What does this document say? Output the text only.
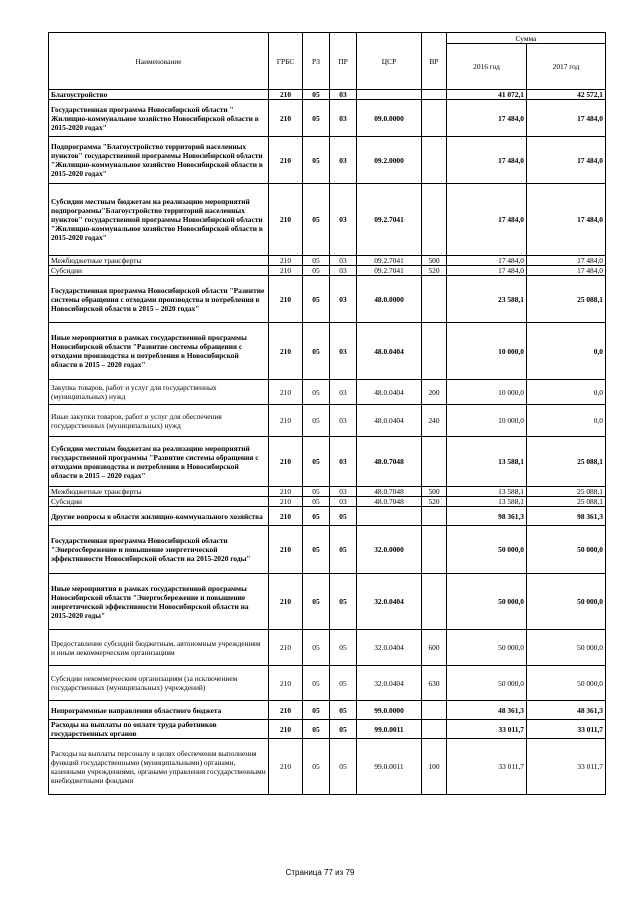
Наименование	ГРБС	РЗ	ПР	ЦСР	ВР	Сумма	
						2016 год	2017 год
Благоустройство	210	05	03			41 072,1	42 572,1
Государственная программа Новосибирской области " Жилищно-коммунальное хозяйство Новосибирской области в 2015-2020 годах"	210	05	03	09.0.0000		17 484,0	17 484,0
Подпрограмма "Благоустройство территорий населенных пунктов" государственной программы Новосибирской области "Жилищно-коммунальное хозяйство Новосибирской области в 2015-2020 годах"	210	05	03	09.2.0000		17 484,0	17 484,0
Субсидии местным бюджетам на реализацию мероприятий подпрограммы"Благоустройство территорий населенных пунктов" государственной программы Новосибирской области "Жилищно-коммунальное хозяйство Новосибирской области в 2015-2020 годах"	210	05	03	09.2.7041		17 484,0	17 484,0
Межбюджетные трансферты	210	05	03	09.2.7041	500	17 484,0	17 484,0
Субсидии	210	05	03	09.2.7041	520	17 484,0	17 484,0
Государственная программа Новосибирской области "Развитие системы обращения с отходами производства и потребления в Новосибирской области в 2015 – 2020 годах"	210	05	03	48.0.0000		23 588,1	25 088,1
Иные мероприятия в рамках государственной программы Новосибирской области "Развитие системы обращения с отходами производства и потребления в Новосибирской области в 2015 – 2020 годах"	210	05	03	48.0.0404		10 000,0	0,0
Закупка товаров, работ и услуг для государственных (муниципальных) нужд	210	05	03	48.0.0404	200	10 000,0	0,0
Иные закупки товаров, работ и услуг для обеспечения государственных (муниципальных) нужд	210	05	03	48.0.0404	240	10 000,0	0,0
Субсидии местным бюджетам на реализацию мероприятий государственной программы "Развитие системы обращения с отходами производства и потребления в Новосибирской области в 2015 – 2020 годах"	210	05	03	48.0.7048		13 588,1	25 088,1
Межбюджетные трансферты	210	05	03	48.0.7048	500	13 588,1	25 088,1
Субсидии	210	05	03	48.0.7048	520	13 588,1	25 088,1
Другие вопросы в области жилищно-коммунального хозяйства	210	05	05			98 361,3	98 361,3
Государственная программа Новосибирской области "Энергосбережение и повышение энергетической эффективности Новосибирской области на 2015-2020 годы"	210	05	05	32.0.0000		50 000,0	50 000,0
Иные мероприятия в рамках государственной программы Новосибирской области "Энергосбережение и повышение энергетической эффективности Новосибирской области на 2015-2020 годы"	210	05	05	32.0.0404		50 000,0	50 000,0
Предоставление субсидий бюджетным, автономным учреждениям и иным некоммерческим организациям	210	05	05	32.0.0404	600	50 000,0	50 000,0
Субсидии некоммерческим организациям (за исключением государственных (муниципальных) учреждений)	210	05	05	32.0.0404	630	50 000,0	50 000,0
Непрограммные направления областного бюджета	210	05	05	99.0.0000		48 361,3	48 361,3
Расходы на выплаты по оплате труда работников государственных органов	210	05	05	99.0.0011		33 011,7	33 011,7
Расходы на выплаты персоналу в целях обеспечения выполнения функций государственными (муниципальными) органами, казенными учреждениями, органами управления государственными внебюджетными фондами	210	05	05	99.0.0011	100	33 011,7	33 011,7
Страница 77 из 79
